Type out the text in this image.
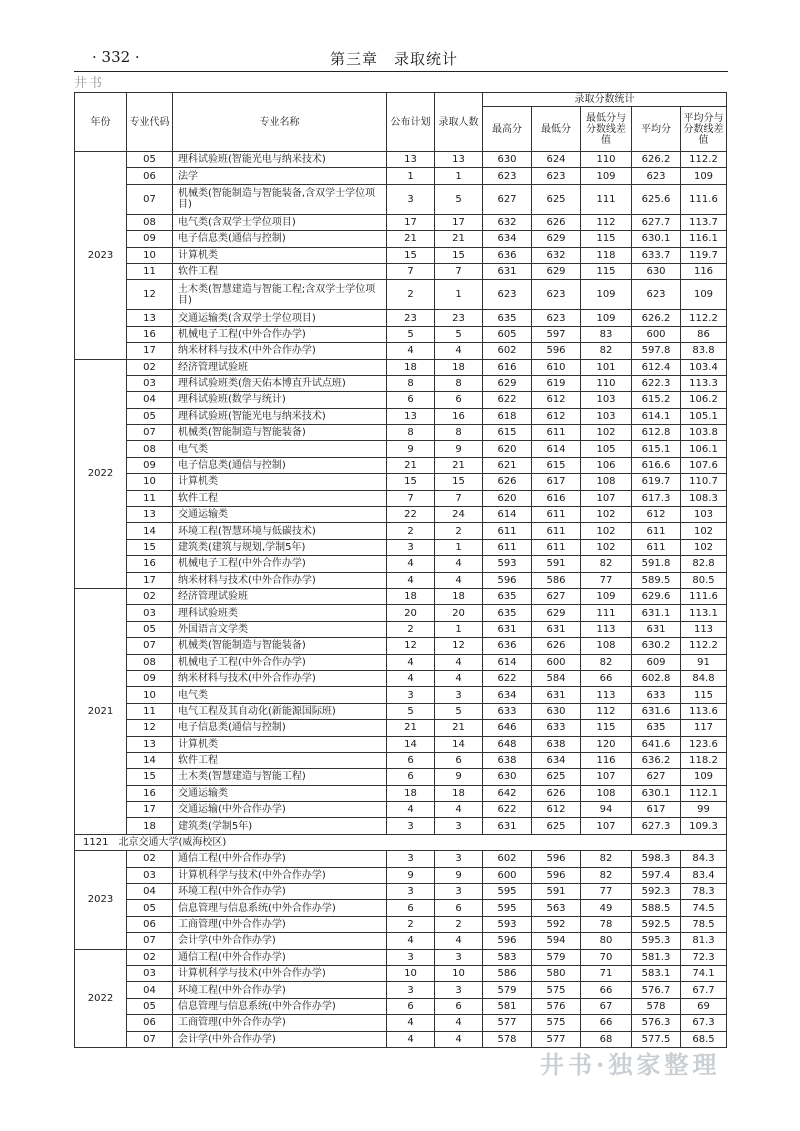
· 332 ·	第三章　录取统计
井书
年份	专业代码	专业名称	公布计划	录取人数	录取分数统计				
					最高分	最低分	最低分与分数线差值	平均分	平均分与分数线差值
2023	05	理科试验班(智能光电与纳米技术)	13	13	630	624	110	626.2	112.2
	06	法学	1	1	623	623	109	623	109
	07	机械类(智能制造与智能装备,含双学士学位项目)	3	5	627	625	111	625.6	111.6
	08	电气类(含双学士学位项目)	17	17	632	626	112	627.7	113.7
	09	电子信息类(通信与控制)	21	21	634	629	115	630.1	116.1
	10	计算机类	15	15	636	632	118	633.7	119.7
	11	软件工程	7	7	631	629	115	630	116
	12	土木类(智慧建造与智能工程;含双学士学位项目)	2	1	623	623	109	623	109
	13	交通运输类(含双学士学位项目)	23	23	635	623	109	626.2	112.2
	16	机械电子工程(中外合作办学)	5	5	605	597	83	600	86
	17	纳米材料与技术(中外合作办学)	4	4	602	596	82	597.8	83.8
2022	02	经济管理试验班	18	18	616	610	101	612.4	103.4
	03	理科试验班类(詹天佑本博直升试点班)	8	8	629	619	110	622.3	113.3
	04	理科试验班(数学与统计)	6	6	622	612	103	615.2	106.2
	05	理科试验班(智能光电与纳米技术)	13	16	618	612	103	614.1	105.1
	07	机械类(智能制造与智能装备)	8	8	615	611	102	612.8	103.8
	08	电气类	9	9	620	614	105	615.1	106.1
	09	电子信息类(通信与控制)	21	21	621	615	106	616.6	107.6
	10	计算机类	15	15	626	617	108	619.7	110.7
	11	软件工程	7	7	620	616	107	617.3	108.3
	13	交通运输类	22	24	614	611	102	612	103
	14	环境工程(智慧环境与低碳技术)	2	2	611	611	102	611	102
	15	建筑类(建筑与规划,学制5年)	3	1	611	611	102	611	102
	16	机械电子工程(中外合作办学)	4	4	593	591	82	591.8	82.8
	17	纳米材料与技术(中外合作办学)	4	4	596	586	77	589.5	80.5
2021	02	经济管理试验班	18	18	635	627	109	629.6	111.6
	03	理科试验班类	20	20	635	629	111	631.1	113.1
	05	外国语言文学类	2	1	631	631	113	631	113
	07	机械类(智能制造与智能装备)	12	12	636	626	108	630.2	112.2
	08	机械电子工程(中外合作办学)	4	4	614	600	82	609	91
	09	纳米材料与技术(中外合作办学)	4	4	622	584	66	602.8	84.8
	10	电气类	3	3	634	631	113	633	115
	11	电气工程及其自动化(新能源国际班)	5	5	633	630	112	631.6	113.6
	12	电子信息类(通信与控制)	21	21	646	633	115	635	117
	13	计算机类	14	14	648	638	120	641.6	123.6
	14	软件工程	6	6	638	634	116	636.2	118.2
	15	土木类(智慧建造与智能工程)	6	9	630	625	107	627	109
	16	交通运输类	18	18	642	626	108	630.1	112.1
	17	交通运输(中外合作办学)	4	4	622	612	94	617	99
	18	建筑类(学制5年)	3	3	631	625	107	627.3	109.3
1121　北京交通大学(威海校区)									
2023	02	通信工程(中外合作办学)	3	3	602	596	82	598.3	84.3
	03	计算机科学与技术(中外合作办学)	9	9	600	596	82	597.4	83.4
	04	环境工程(中外合作办学)	3	3	595	591	77	592.3	78.3
	05	信息管理与信息系统(中外合作办学)	6	6	595	563	49	588.5	74.5
	06	工商管理(中外合作办学)	2	2	593	592	78	592.5	78.5
	07	会计学(中外合作办学)	4	4	596	594	80	595.3	81.3
2022	02	通信工程(中外合作办学)	3	3	583	579	70	581.3	72.3
	03	计算机科学与技术(中外合作办学)	10	10	586	580	71	583.1	74.1
	04	环境工程(中外合作办学)	3	3	579	575	66	576.7	67.7
	05	信息管理与信息系统(中外合作办学)	6	6	581	576	67	578	69
	06	工商管理(中外合作办学)	4	4	577	575	66	576.3	67.3
	07	会计学(中外合作办学)	4	4	578	577	68	577.5	68.5
井书·独家整理
